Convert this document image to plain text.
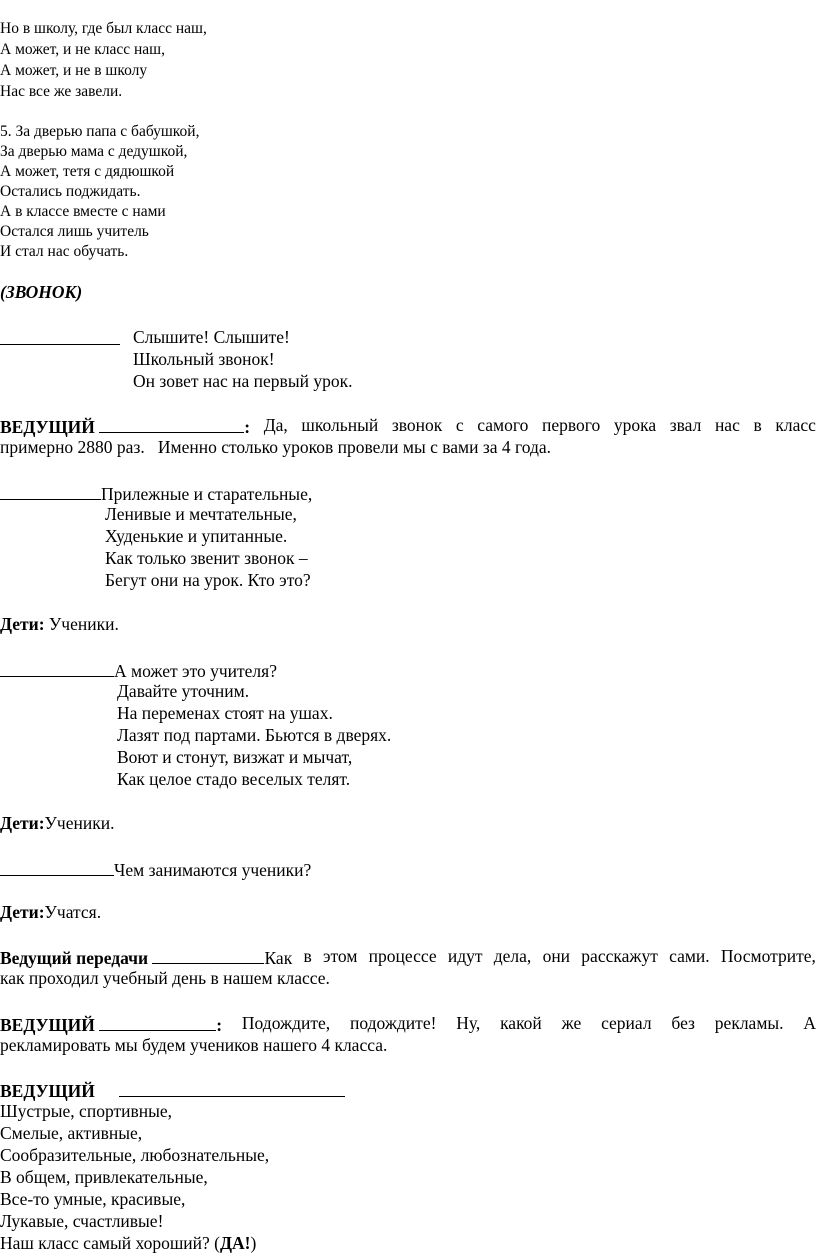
Но в школу, где был класс наш,
А может, и не класс наш,
А может, и не в школу
Нас все же завели.
5. За дверью папа с бабушкой,
За дверью мама с дедушкой,
А может, тетя с дядюшкой
Остались поджидать.
А в классе вместе с нами
Остался лишь учитель
И стал нас обучать.
(ЗВОНОК)
Слышите! Слышите!
Школьный звонок!
Он зовет нас на первый урок.
ВЕДУЩИЙ	: Да, школьный звонок с самого первого урока звал нас в класс
примерно 2880 раз.   Именно столько уроков провели мы с вами за 4 года.
Прилежные и старательные,
Ленивые и мечтательные,
Худенькие и упитанные.
Как только звенит звонок –
Бегут они на урок. Кто это?
Дети: Ученики.
А может это учителя?
Давайте уточним.
На переменах стоят на ушах.
Лазят под партами. Бьются в дверях.
Воют и стонут, визжат и мычат,
Как целое стадо веселых телят.
Дети:Ученики.
Чем занимаются ученики?
Дети:Учатся.
Ведущий передачи	Как в этом процессе идут дела, они расскажут сами. Посмотрите,
как проходил учебный день в нашем классе.
ВЕДУЩИЙ	: Подождите, подождите! Ну, какой же сериал без рекламы. А
рекламировать мы будем учеников нашего 4 класса.
ВЕДУЩИЙ
Шустрые, спортивные,
Смелые, активные,
Сообразительные, любознательные,
В общем, привлекательные,
Все-то умные, красивые,
Лукавые, счастливые!
Наш класс самый хороший? (ДА!)
